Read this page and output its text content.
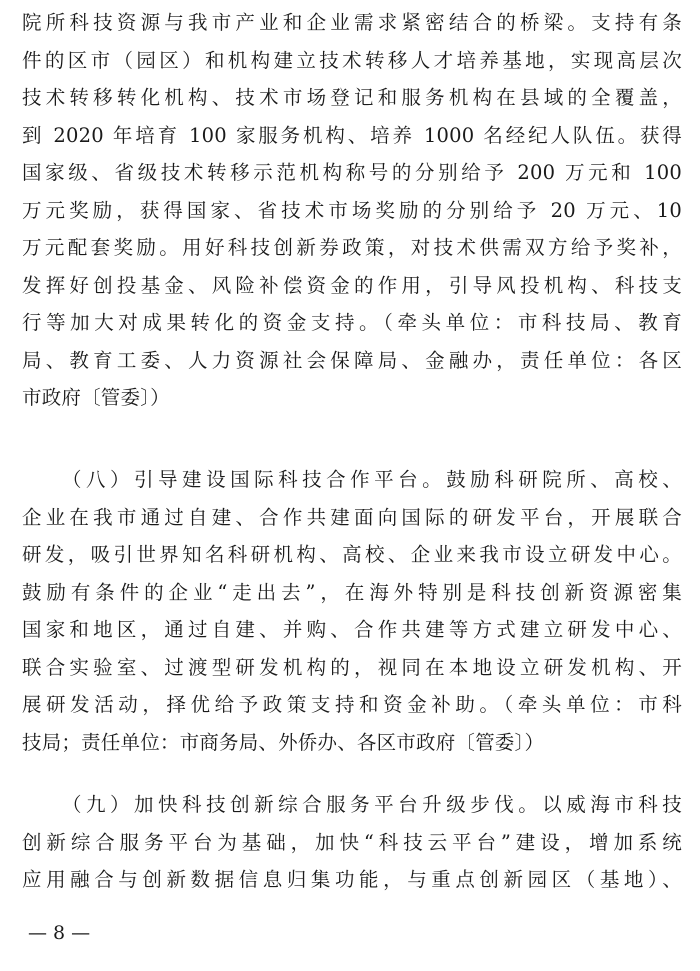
院所科技资源与我市产业和企业需求紧密结合的桥梁。支持有条
件的区市（园区）和机构建立技术转移人才培养基地，实现高层次
技术转移转化机构、技术市场登记和服务机构在县域的全覆盖，
到 2020 年培育 100 家服务机构、培养 1000 名经纪人队伍。获得
国家级、省级技术转移示范机构称号的分别给予 200 万元和 100
万元奖励，获得国家、省技术市场奖励的分别给予 20 万元、10
万元配套奖励。用好科技创新券政策，对技术供需双方给予奖补，
发挥好创投基金、风险补偿资金的作用，引导风投机构、科技支
行等加大对成果转化的资金支持。（牵头单位：市科技局、教育
局、教育工委、人力资源社会保障局、金融办，责任单位：各区
市政府〔管委〕）
（八）引导建设国际科技合作平台。鼓励科研院所、高校、
企业在我市通过自建、合作共建面向国际的研发平台，开展联合
研发，吸引世界知名科研机构、高校、企业来我市设立研发中心。
鼓励有条件的企业“走出去”，在海外特别是科技创新资源密集
国家和地区，通过自建、并购、合作共建等方式建立研发中心、
联合实验室、过渡型研发机构的，视同在本地设立研发机构、开
展研发活动，择优给予政策支持和资金补助。（牵头单位：市科
技局；责任单位：市商务局、外侨办、各区市政府〔管委〕）
（九）加快科技创新综合服务平台升级步伐。以威海市科技
创新综合服务平台为基础，加快“科技云平台”建设，增加系统
应用融合与创新数据信息归集功能，与重点创新园区（基地）、
— 8 —
